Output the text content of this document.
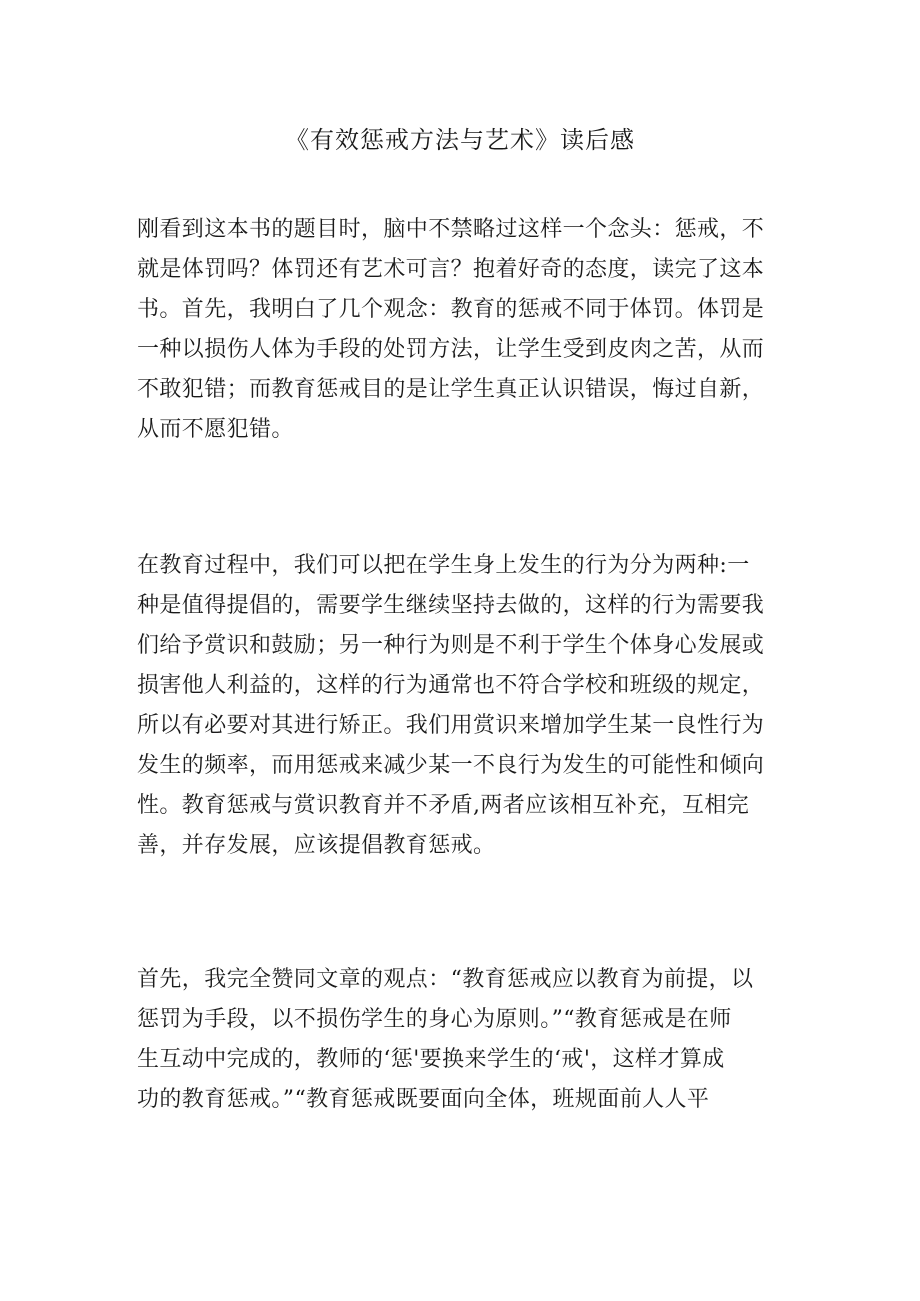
《有效惩戒方法与艺术》读后感
刚看到这本书的题目时，脑中不禁略过这样一个念头：惩戒，不
就是体罚吗？体罚还有艺术可言？抱着好奇的态度，读完了这本
书。首先，我明白了几个观念：教育的惩戒不同于体罚。体罚是
一种以损伤人体为手段的处罚方法，让学生受到皮肉之苦，从而
不敢犯错；而教育惩戒目的是让学生真正认识错误，悔过自新，
从而不愿犯错。
在教育过程中，我们可以把在学生身上发生的行为分为两种:一
种是值得提倡的，需要学生继续坚持去做的，这样的行为需要我
们给予赏识和鼓励；另一种行为则是不利于学生个体身心发展或
损害他人利益的，这样的行为通常也不符合学校和班级的规定，
所以有必要对其进行矫正。我们用赏识来增加学生某一良性行为
发生的频率，而用惩戒来减少某一不良行为发生的可能性和倾向
性。教育惩戒与赏识教育并不矛盾,两者应该相互补充，互相完
善，并存发展，应该提倡教育惩戒。
首先，我完全赞同文章的观点：“教育惩戒应以教育为前提，以
惩罚为手段，以不损伤学生的身心为原则。”“教育惩戒是在师
生互动中完成的，教师的‘惩'要换来学生的‘戒'，这样才算成
功的教育惩戒。”“教育惩戒既要面向全体，班规面前人人平
